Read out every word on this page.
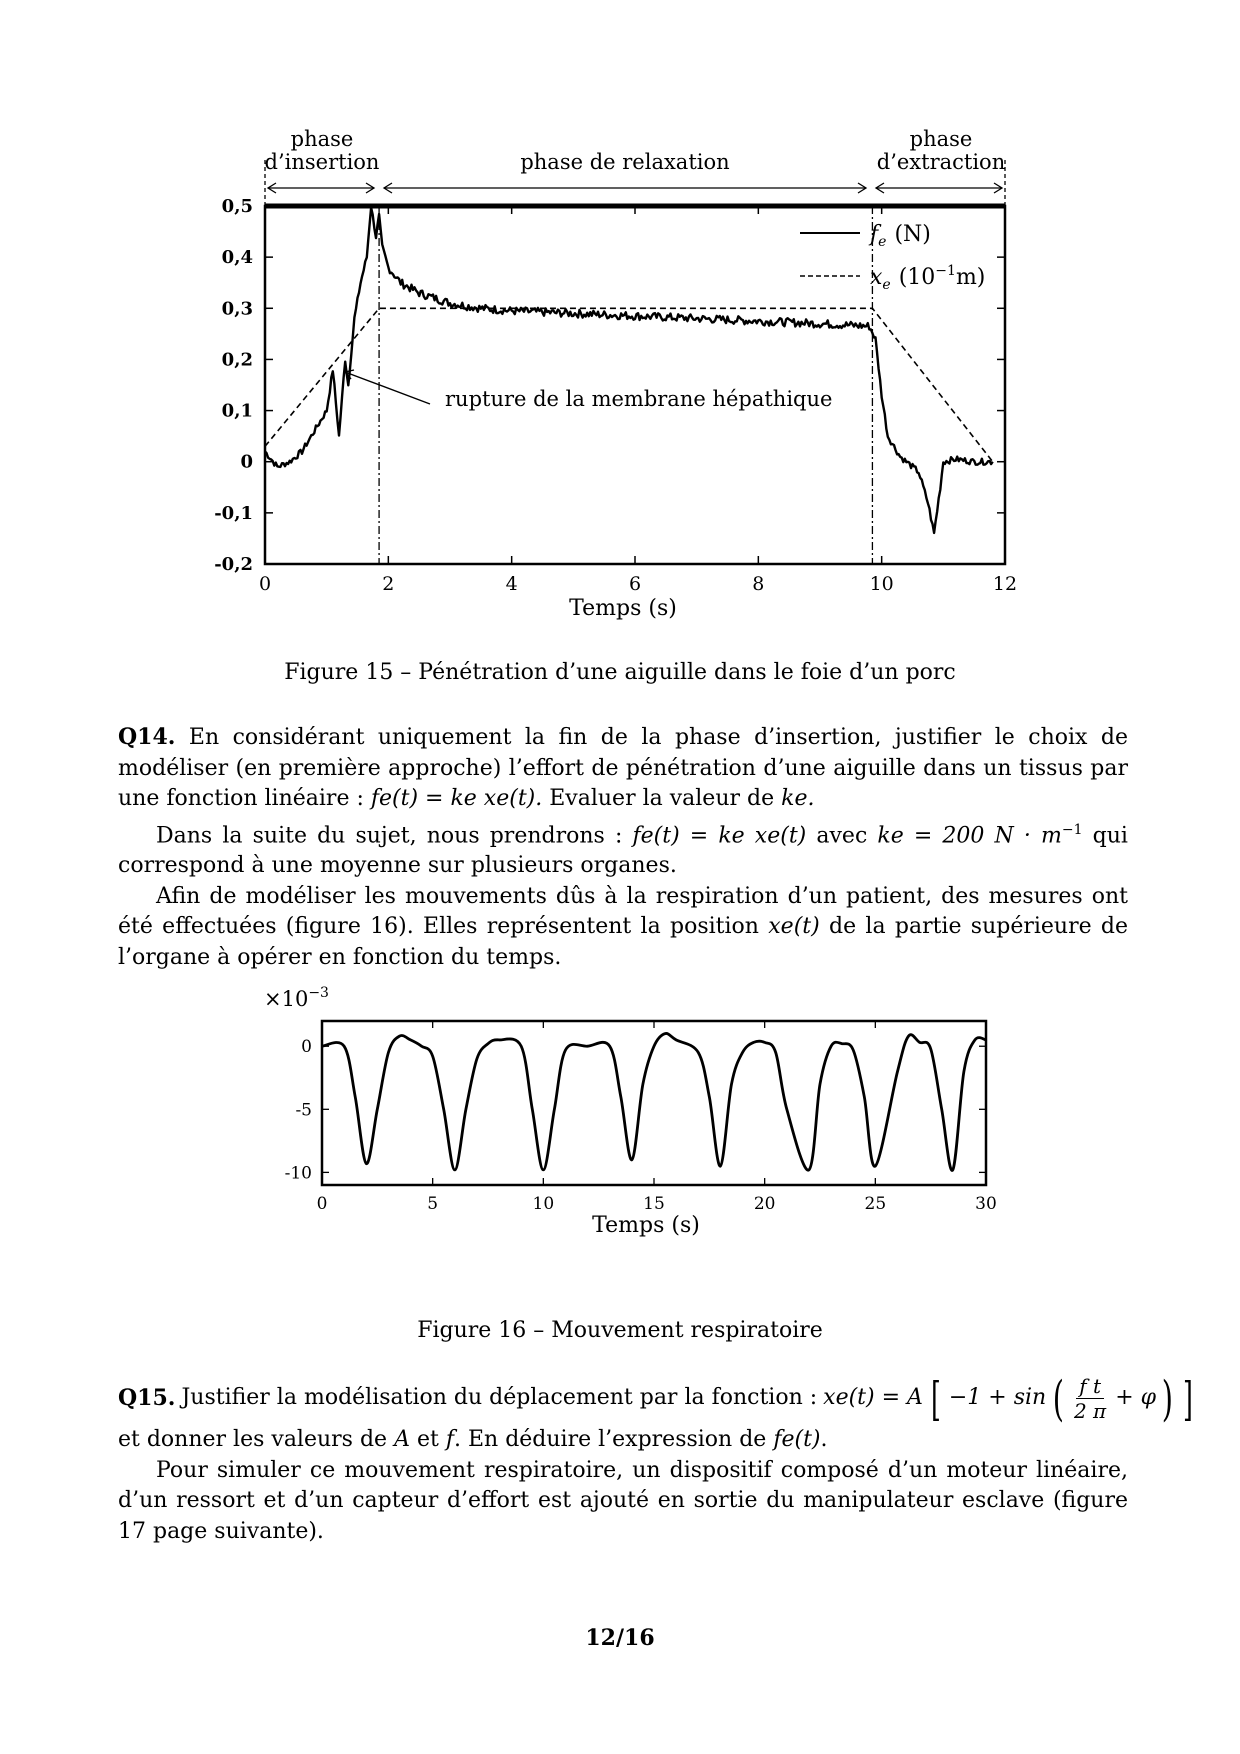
phase
d’insertion	phase de relaxation
phase
d’extraction
0	2	4	6	8	10	12
0,5
0,4
0,3
0,2
0,1
0
-0,1
-0,2
$f_e$ (N)
$x_e$ $(10^{-1}m)$
rupture de la membrane hépathique
Temps (s)
Figure 15 – Pénétration d’une aiguille dans le foie d’un porc

Q14. En considérant uniquement la fin de la phase d’insertion, justifier le choix de modéliser (en première approche) l’effort de pénétration d’une aiguille dans un tissus par une fonction linéaire : fe(t) = ke xe(t). Evaluer la valeur de ke.

Dans la suite du sujet, nous prendrons : fe(t) = ke xe(t) avec ke = 200 $N \cdot m^{-1}$ qui correspond à une moyenne sur plusieurs organes.

Afin de modéliser les mouvements dûs à la respiration d’un patient, des mesures ont été effectuées (figure 16). Elles représentent la position xe(t) de la partie supérieure de l’organe à opérer en fonction du temps.

$\times 10^{-3}$
0	5	10	15	20	25	30
0
-5
-10
Temps (s)
Figure 16 – Mouvement respiratoire

Q15. Justifier la modélisation du déplacement par la fonction : xe(t) = A [ −1 + sin ( $\frac{\text{f t}}{2 \pi} + \varphi$ ) ]

et donner les valeurs de A et f. En déduire l’expression de fe(t).

Pour simuler ce mouvement respiratoire, un dispositif composé d’un moteur linéaire, d’un ressort et d’un capteur d’effort est ajouté en sortie du manipulateur esclave (figure 17 page suivante).

12/16
